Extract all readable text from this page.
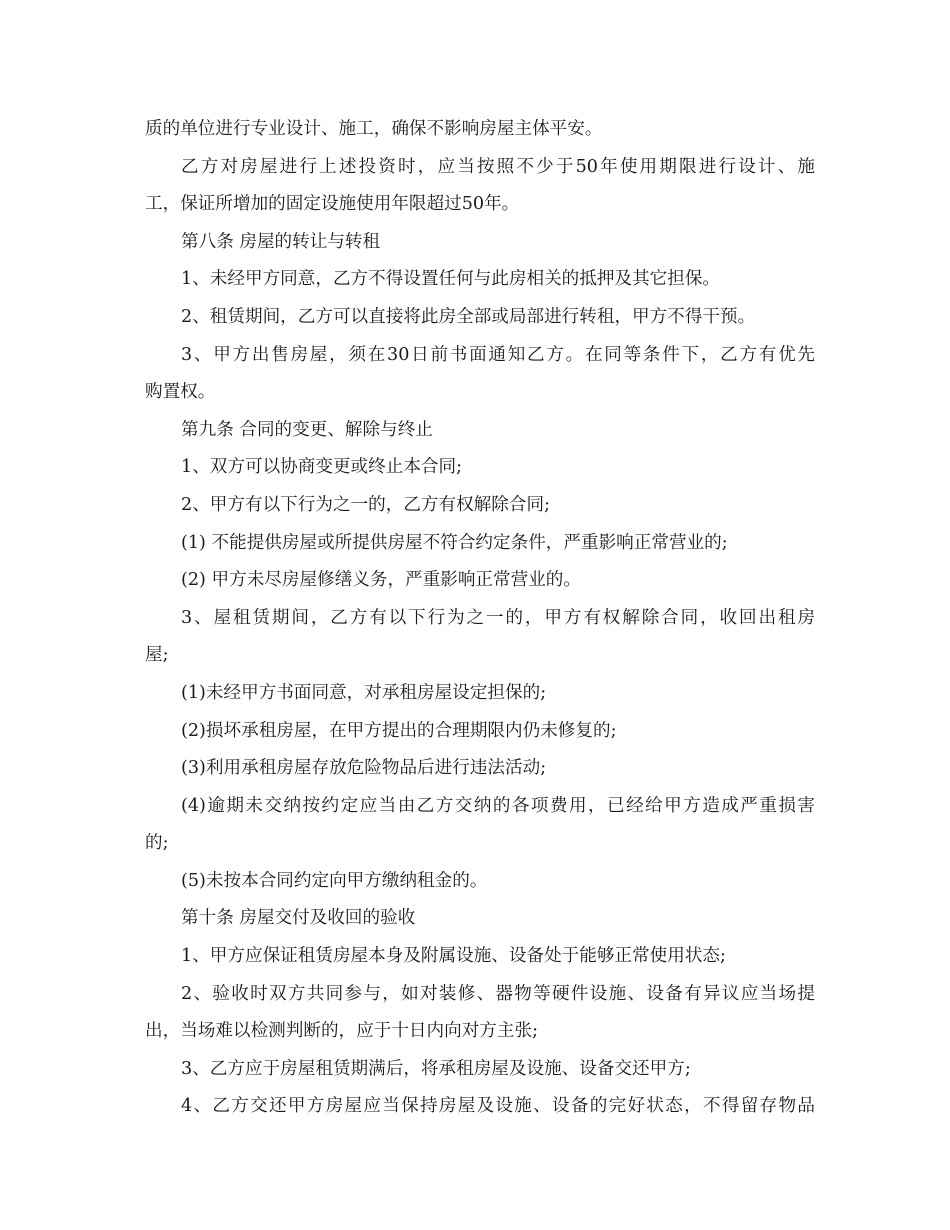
质的单位进行专业设计、施工，确保不影响房屋主体平安。
乙方对房屋进行上述投资时，应当按照不少于50年使用期限进行设计、施
工，保证所增加的固定设施使用年限超过50年。
第八条 房屋的转让与转租
1、未经甲方同意，乙方不得设置任何与此房相关的抵押及其它担保。
2、租赁期间，乙方可以直接将此房全部或局部进行转租，甲方不得干预。
3、甲方出售房屋，须在30日前书面通知乙方。在同等条件下，乙方有优先
购置权。
第九条 合同的变更、解除与终止
1、双方可以协商变更或终止本合同;
2、甲方有以下行为之一的，乙方有权解除合同;
(1) 不能提供房屋或所提供房屋不符合约定条件，严重影响正常营业的;
(2) 甲方未尽房屋修缮义务，严重影响正常营业的。
3、屋租赁期间，乙方有以下行为之一的，甲方有权解除合同，收回出租房
屋;
(1)未经甲方书面同意，对承租房屋设定担保的;
(2)损坏承租房屋，在甲方提出的合理期限内仍未修复的;
(3)利用承租房屋存放危险物品后进行违法活动;
(4)逾期未交纳按约定应当由乙方交纳的各项费用，已经给甲方造成严重损害
的;
(5)未按本合同约定向甲方缴纳租金的。
第十条 房屋交付及收回的验收
1、甲方应保证租赁房屋本身及附属设施、设备处于能够正常使用状态;
2、验收时双方共同参与，如对装修、器物等硬件设施、设备有异议应当场提
出，当场难以检测判断的，应于十日内向对方主张;
3、乙方应于房屋租赁期满后，将承租房屋及设施、设备交还甲方;
4、乙方交还甲方房屋应当保持房屋及设施、设备的完好状态，不得留存物品
